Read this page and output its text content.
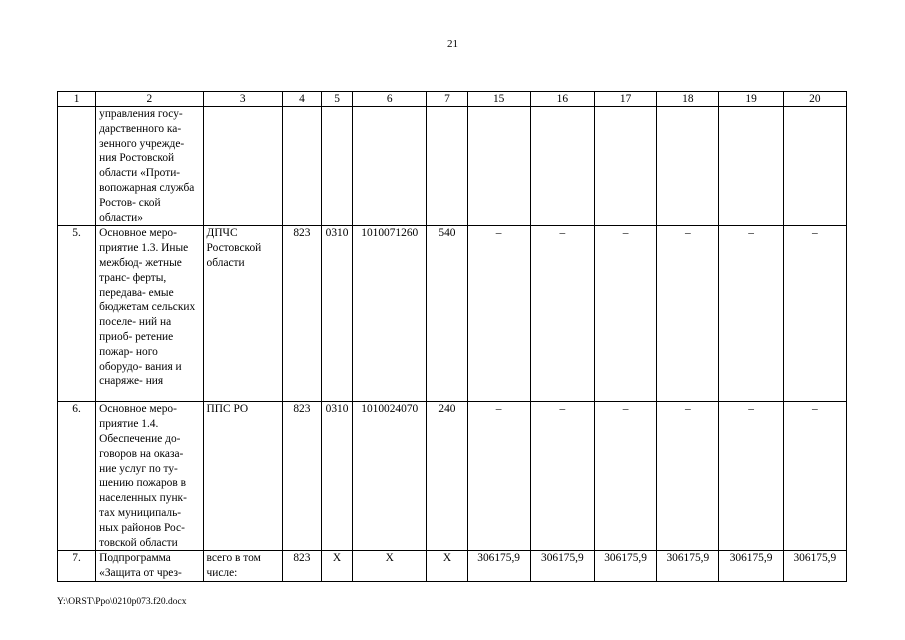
21
1	2	3	4	5	6	7	15	16	17	18	19	20
	управления госу- дарственного ка- зенного учрежде- ния Ростовской области «Проти- вопожарная служба Ростов- ской области»											
5.	Основное меро- приятие 1.3. Иные межбюд- жетные транс- ферты, передава- емые бюджетам сельских поселе- ний на приоб- ретение пожар- ного оборудо- вания и снаряже- ния	ДПЧС Ростовской области	823	0310	1010071260	540	–	–	–	–	–	–
6.	Основное меро- приятие 1.4. Обеспечение до- говоров на оказа- ние услуг по ту- шению пожаров в населенных пунк- тах муниципаль- ных районов Рос- товской области	ППС РО	823	0310	1010024070	240	–	–	–	–	–	–
7.	Подпрограмма «Защита от чрез-	всего в том числе:	823	Х	Х	Х	306175,9	306175,9	306175,9	306175,9	306175,9	306175,9
Y:\ORST\Ppo\0210p073.f20.docx
